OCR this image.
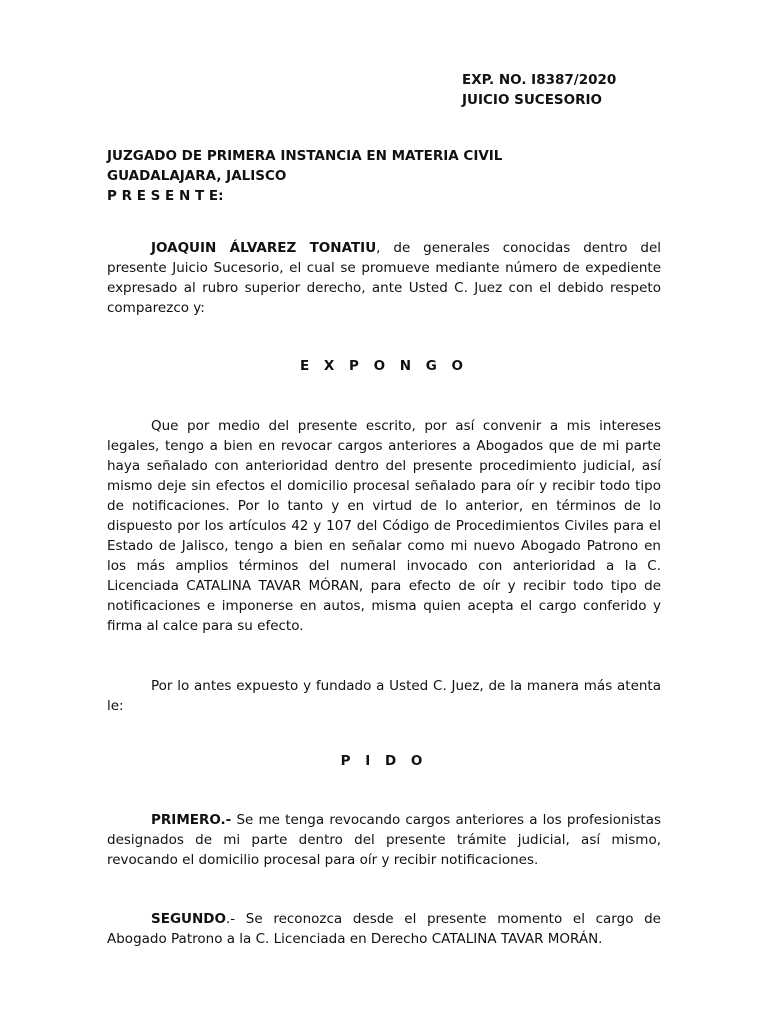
EXP. NO. I8387/2020
JUICIO SUCESORIO
JUZGADO DE PRIMERA INSTANCIA EN MATERIA CIVIL
GUADALAJARA, JALISCO
P R E S E N T E:
JOAQUIN ÁLVAREZ TONATIU, de generales conocidas dentro del presente Juicio Sucesorio, el cual se promueve mediante número de expediente expresado al rubro superior derecho, ante Usted C. Juez con el debido respeto comparezco y:
E X P O N G O
Que por medio del presente escrito, por así convenir a mis intereses legales, tengo a bien en revocar cargos anteriores a Abogados que de mi parte haya señalado con anterioridad dentro del presente procedimiento judicial, así mismo deje sin efectos el domicilio procesal señalado para oír y recibir todo tipo de notificaciones. Por lo tanto y en virtud de lo anterior, en términos de lo dispuesto por los artículos 42 y 107 del Código de Procedimientos Civiles para el Estado de Jalisco, tengo a bien en señalar como mi nuevo Abogado Patrono en los más amplios términos del numeral invocado con anterioridad a la C. Licenciada CATALINA TAVAR MÓRAN, para efecto de oír y recibir todo tipo de notificaciones e imponerse en autos, misma quien acepta el cargo conferido y firma al calce para su efecto.
Por lo antes expuesto y fundado a Usted C. Juez, de la manera más atenta le:
P I D O
PRIMERO.- Se me tenga revocando cargos anteriores a los profesionistas designados de mi parte dentro del presente trámite judicial, así mismo, revocando el domicilio procesal para oír y recibir notificaciones.
SEGUNDO.- Se reconozca desde el presente momento el cargo de Abogado Patrono a la C. Licenciada en Derecho CATALINA TAVAR MORÁN.
